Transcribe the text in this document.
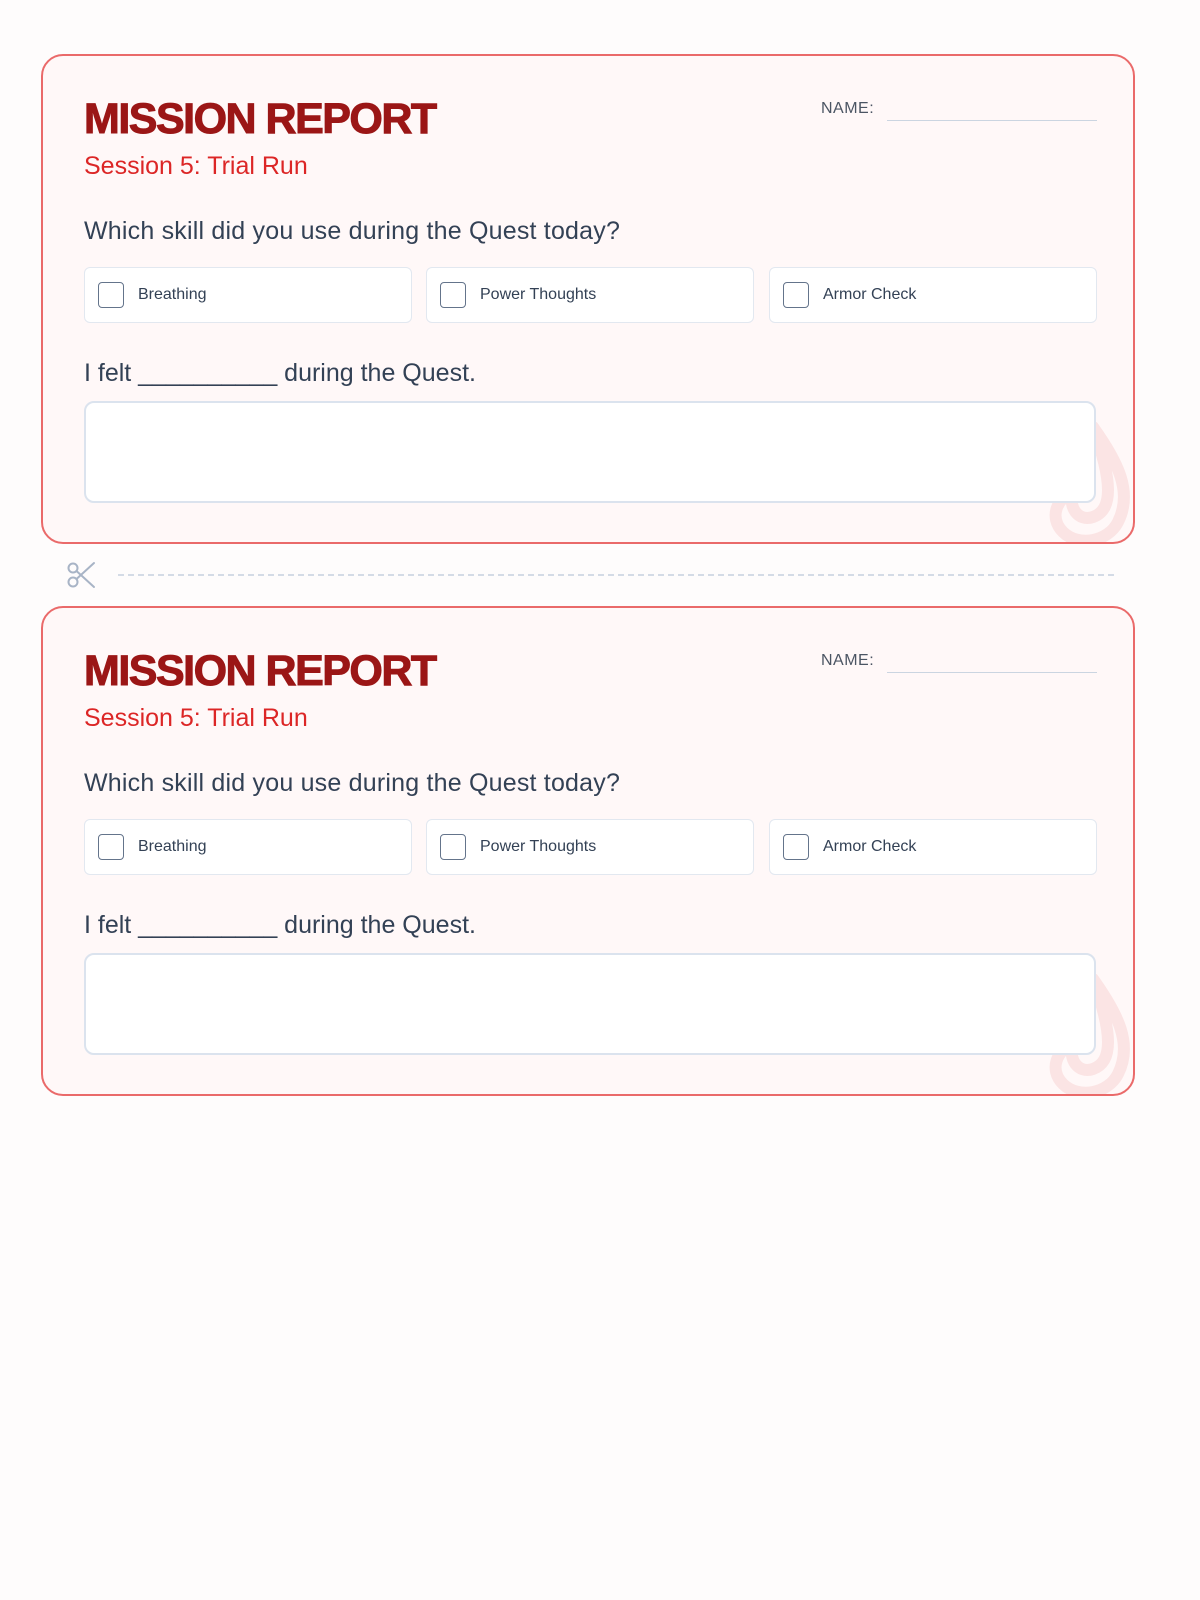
MISSION REPORT
Session 5: Trial Run
NAME:
Which skill did you use during the Quest today?
Breathing	Power Thoughts	Armor Check
I felt __________ during the Quest.
MISSION REPORT
Session 5: Trial Run
NAME:
Which skill did you use during the Quest today?
Breathing	Power Thoughts	Armor Check
I felt __________ during the Quest.
